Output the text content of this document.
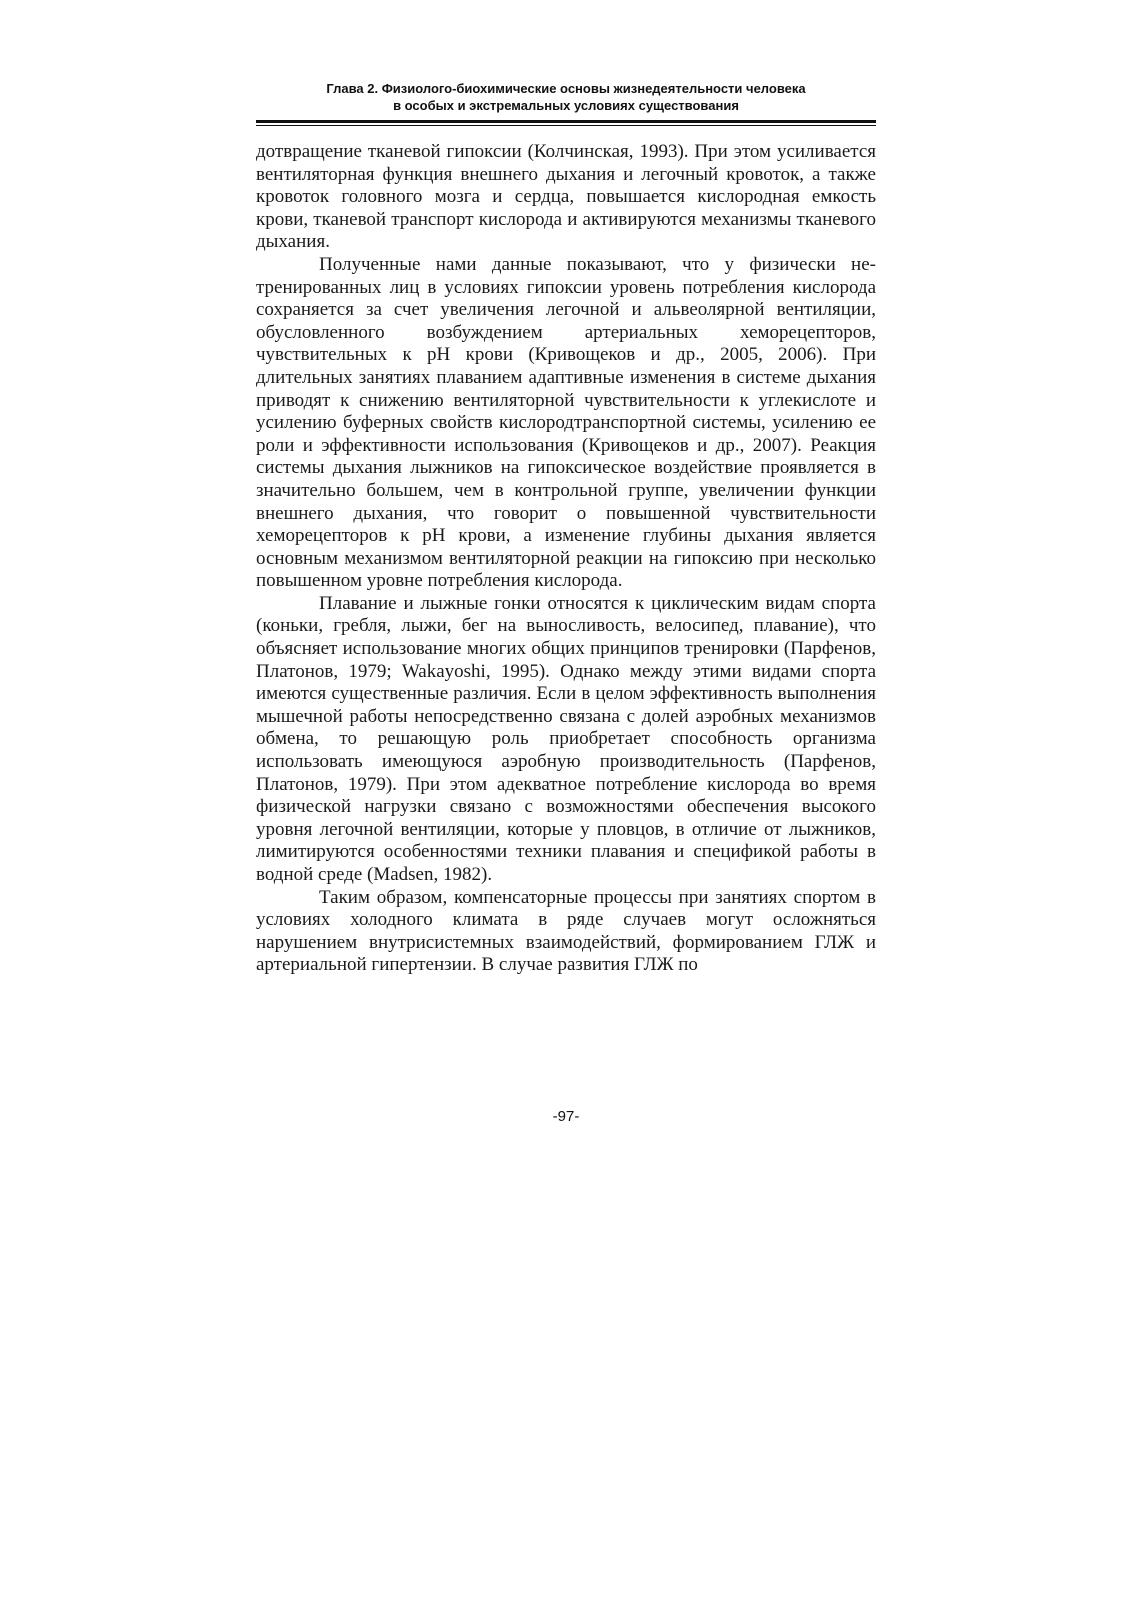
Глава 2. Физиолого-биохимические основы жизнедеятельности человека
в особых и экстремальных условиях существования

дотвращение тканевой гипоксии (Колчинская, 1993). При этом усиливается вентиляторная функция внешнего дыхания и легочный кровоток, а также кровоток головного мозга и сердца, повышается кислородная емкость крови, тканевой транспорт кислорода и активируются механизмы тканевого дыхания.

Полученные нами данные показывают, что у физически нетренированных лиц в условиях гипоксии уровень потребления кислорода сохраняется за счет увеличения легочной и альвеолярной вентиляции, обусловленного возбуждением артериальных хеморецепторов, чувствительных к рН крови (Кривощеков и др., 2005, 2006). При длительных занятиях плаванием адаптивные изменения в системе дыхания приводят к снижению вентиляторной чувствительности к углекислоте и усилению буферных свойств кислородтранспортной системы, усилению ее роли и эффективности использования (Кривощеков и др., 2007). Реакция системы дыхания лыжников на гипоксическое воздействие проявляется в значительно большем, чем в контрольной группе, увеличении функции внешнего дыхания, что говорит о повышенной чувствительности хеморецепторов к рН крови, а изменение глубины дыхания является основным механизмом вентиляторной реакции на гипоксию при несколько повышенном уровне потребления кислорода.

Плавание и лыжные гонки относятся к циклическим видам спорта (коньки, гребля, лыжи, бег на выносливость, велосипед, плавание), что объясняет использование многих общих принципов тренировки (Парфенов, Платонов, 1979; Wakayoshi, 1995). Однако между этими видами спорта имеются существенные различия. Если в целом эффективность выполнения мышечной работы непосредственно связана с долей аэробных механизмов обмена, то решающую роль приобретает способность организма использовать имеющуюся аэробную производительность (Парфенов, Платонов, 1979). При этом адекватное потребление кислорода во время физической нагрузки связано с возможностями обеспечения высокого уровня легочной вентиляции, которые у пловцов, в отличие от лыжников, лимитируются особенностями техники плавания и спецификой работы в водной среде (Madsen, 1982).

Таким образом, компенсаторные процессы при занятиях спортом в условиях холодного климата в ряде случаев могут осложняться нарушением внутрисистемных взаимодействий, формированием ГЛЖ и артериальной гипертензии. В случае развития ГЛЖ по

-97-
